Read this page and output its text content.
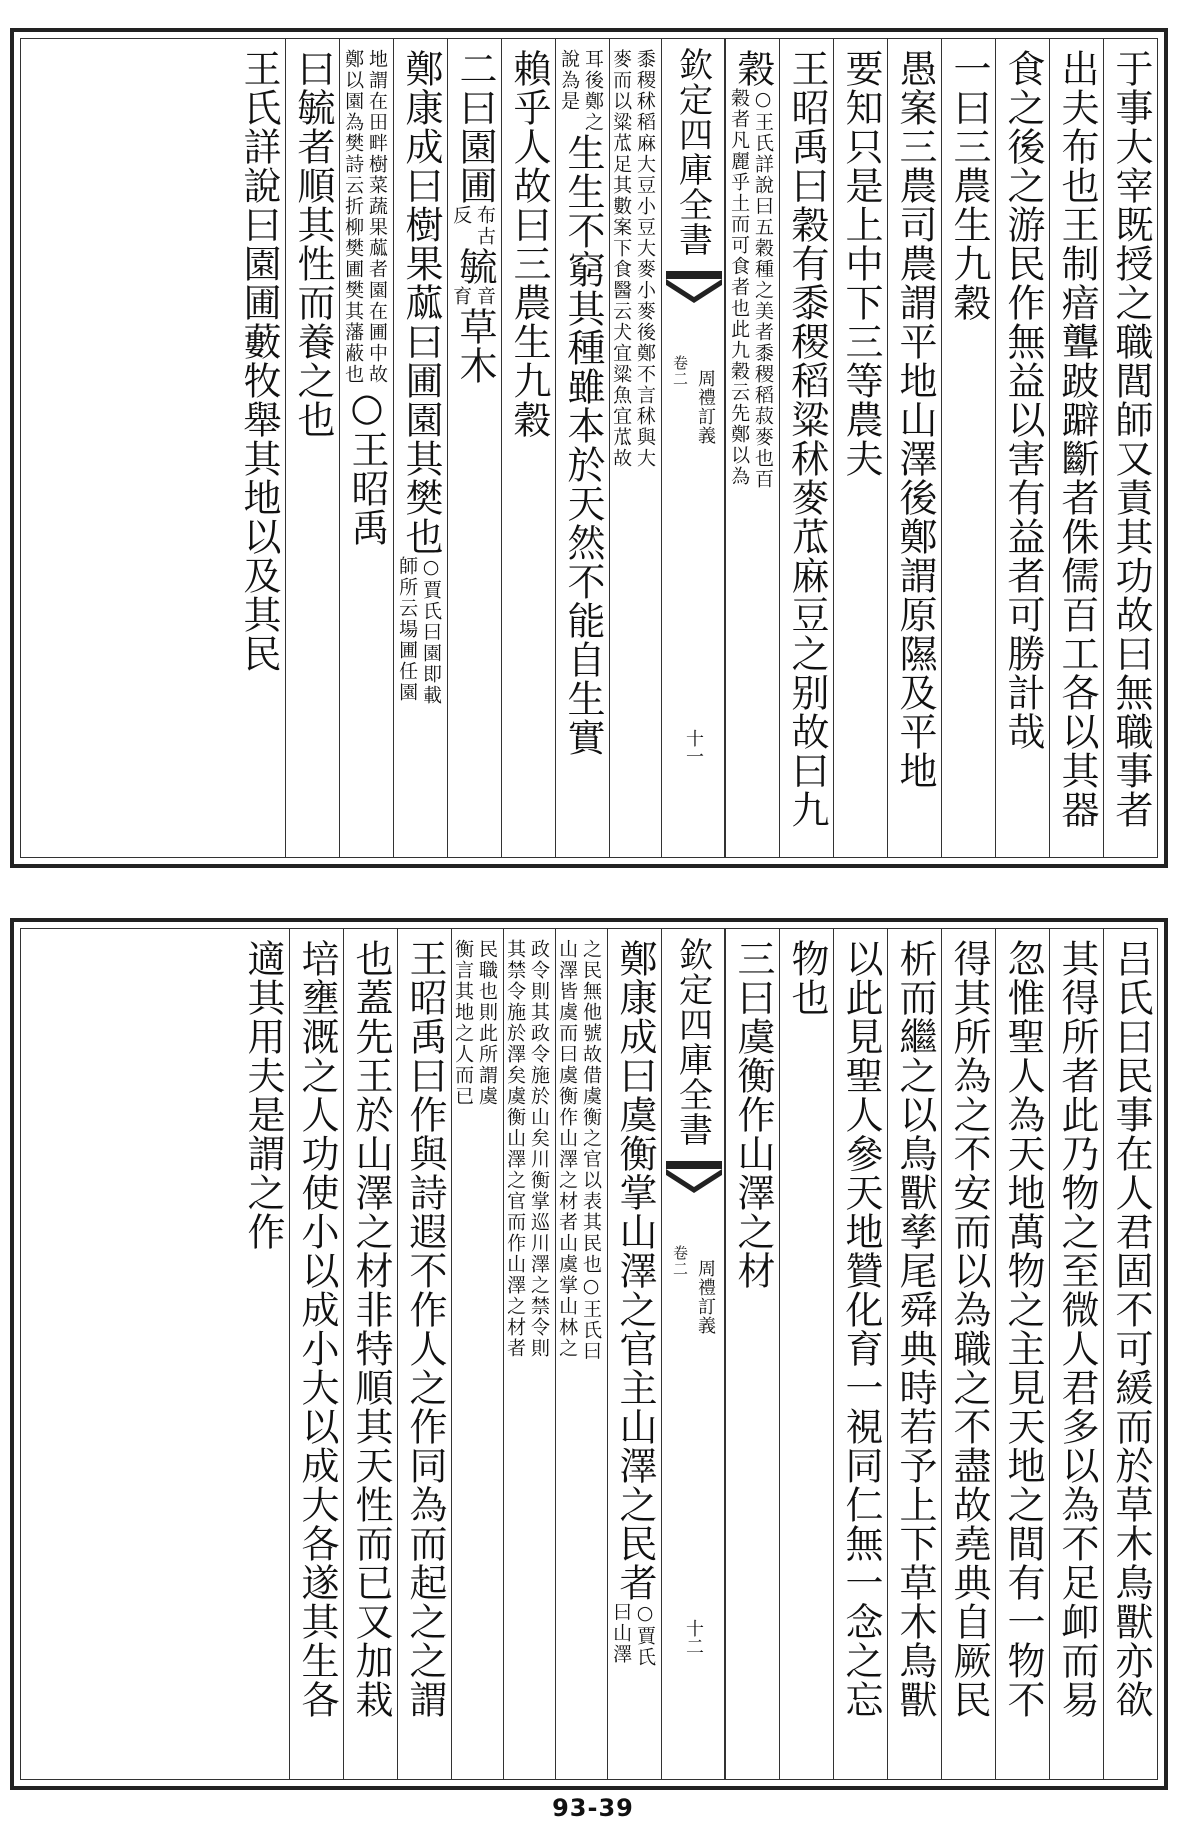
于事大宰既授之職閭師又責其功故曰無職事者
出夫布也王制瘖聾跛躃斷者侏儒百工各以其器
食之後之游民作無益以害有益者可勝計哉
一曰三農生九穀
愚案三農司農謂平地山澤後鄭謂原隰及平地
要知只是上中下三等農夫
王昭禹曰穀有黍稷稻粱秫麥苽麻豆之别故曰九
穀
○王氏詳說曰五穀種之美者黍稷稻菽麥也百
穀者凡麗乎土而可食者也此九穀云先鄭以為
欽定四庫全書
周禮訂義
卷二
十一
黍稷秫稻麻大豆小豆大麥小麥後鄭不言秫與大
麥而以粱苽足其數案下食醫云犬宜粱魚宜苽故
耳後鄭之
說為是
生生不窮其種雖本於天然不能自生實
賴乎人故曰三農生九穀
二曰園圃
布古
反
毓
音
育
草木
鄭康成曰樹果蓏曰圃園其樊也
○賈氏曰園即載
師所云場圃任園
地謂在田畔樹菜蔬果蓏者園在圃中故
鄭以園為樊詩云折柳樊圃樊其藩蔽也
○王昭禹
曰毓者順其性而養之也
王氏詳說曰園圃藪牧舉其地以及其民
吕氏曰民事在人君固不可緩而於草木鳥獸亦欲
其得所者此乃物之至微人君多以為不足卹而易
忽惟聖人為天地萬物之主見天地之間有一物不
得其所為之不安而以為職之不盡故堯典自厥民
析而繼之以鳥獸孳尾舜典時若予上下草木鳥獸
以此見聖人參天地贊化育一視同仁無一念之忘
物也
三曰虞衡作山澤之材
欽定四庫全書
周禮訂義
卷二
十二
鄭康成曰虞衡掌山澤之官主山澤之民者
○賈氏
曰山澤
之民無他號故借虞衡之官以表其民也○王氏曰
山澤皆虞而曰虞衡作山澤之材者山虞掌山林之
政令則其政令施於山矣川衡掌巡川澤之禁令則
其禁令施於澤矣虞衡山澤之官而作山澤之材者
民職也則此所謂虞
衡言其地之人而已
王昭禹曰作與詩遐不作人之作同為而起之之謂
也蓋先王於山澤之材非特順其天性而已又加栽
培壅溉之人功使小以成小大以成大各遂其生各
適其用夫是謂之作
93-39
